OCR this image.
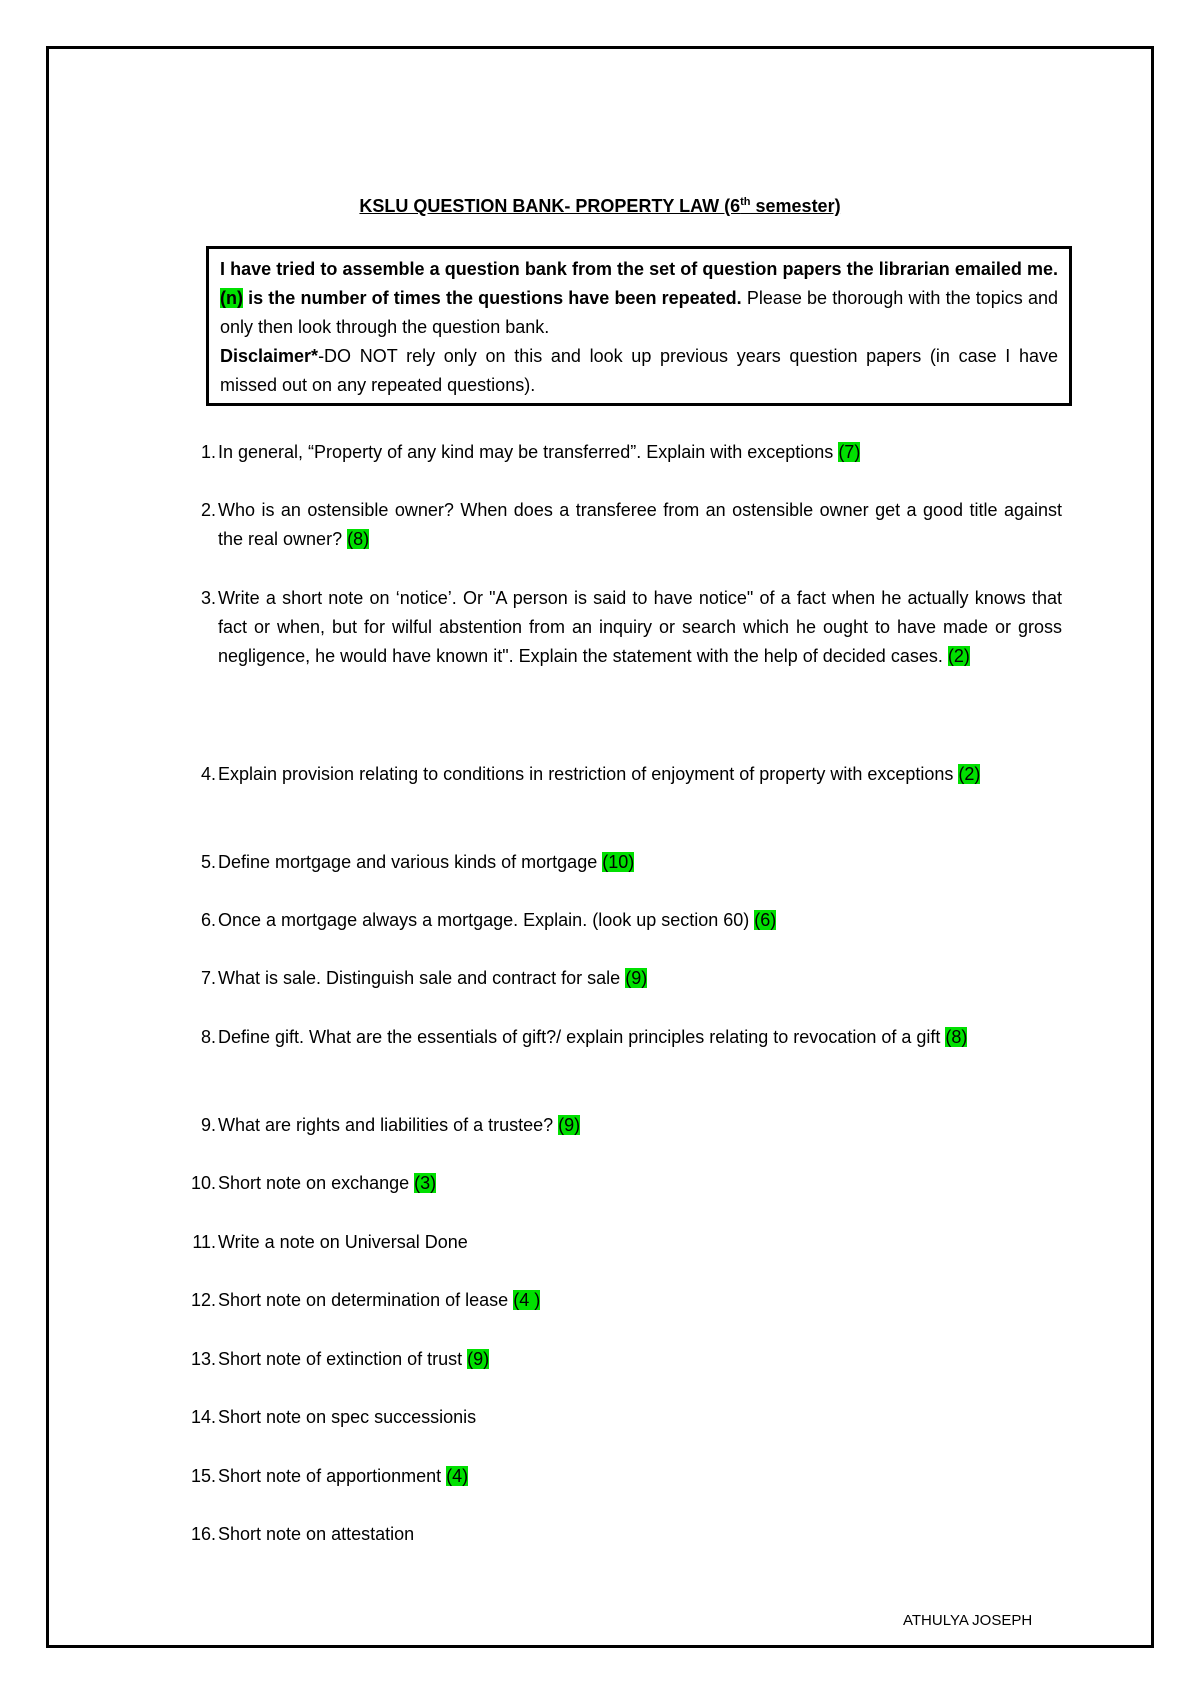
KSLU QUESTION BANK- PROPERTY LAW (6th semester)

I have tried to assemble a question bank from the set of question papers the librarian emailed me. (n) is the number of times the questions have been repeated. Please be thorough with the topics and only then look through the question bank.

Disclaimer*-DO NOT rely only on this and look up previous years question papers (in case I have missed out on any repeated questions).

1. In general, “Property of any kind may be transferred”. Explain with exceptions (7)
2. Who is an ostensible owner? When does a transferee from an ostensible owner get a good title against the real owner? (8)
3. Write a short note on ‘notice’. Or "A person is said to have notice" of a fact when he actually knows that fact or when, but for wilful abstention from an inquiry or search which he ought to have made or gross negligence, he would have known it". Explain the statement with the help of decided cases. (2)
4. Explain provision relating to conditions in restriction of enjoyment of property with exceptions (2)
5. Define mortgage and various kinds of mortgage (10)
6. Once a mortgage always a mortgage. Explain. (look up section 60) (6)
7. What is sale. Distinguish sale and contract for sale (9)
8. Define gift. What are the essentials of gift?/ explain principles relating to revocation of a gift (8)
9. What are rights and liabilities of a trustee? (9)
10. Short note on exchange (3)
11. Write a note on Universal Done
12. Short note on determination of lease (4 )
13. Short note of extinction of trust (9)
14. Short note on spec successionis
15. Short note of apportionment (4)
16. Short note on attestation
ATHULYA JOSEPH
